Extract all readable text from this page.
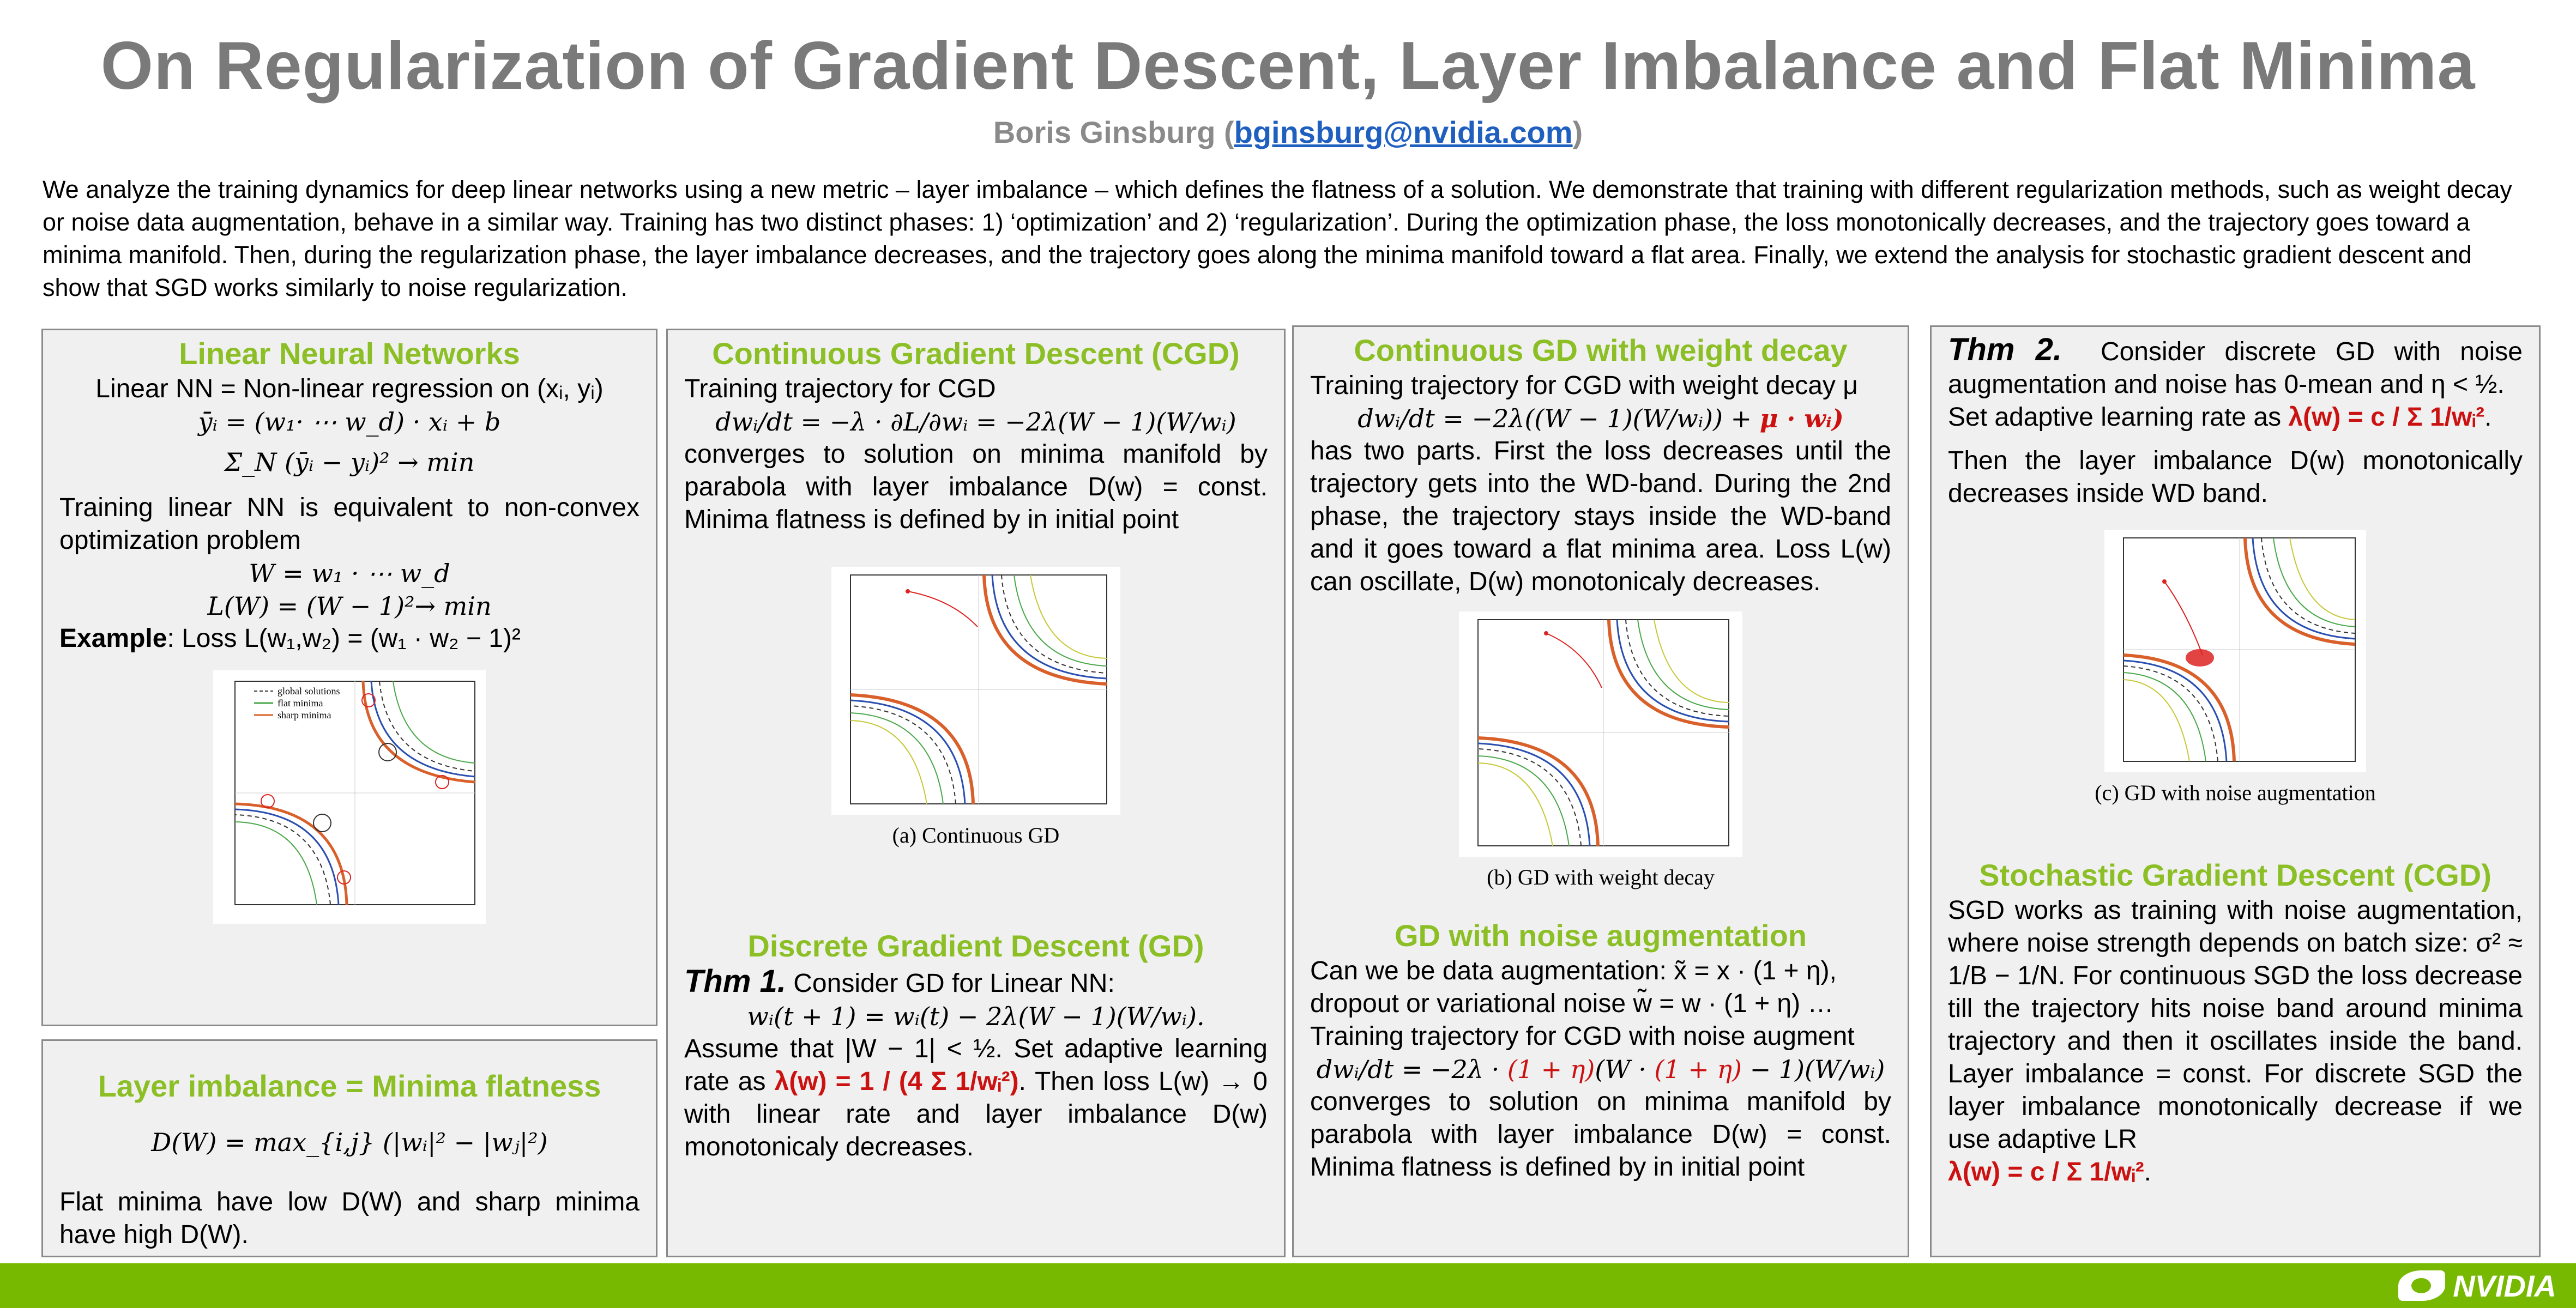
On Regularization of Gradient Descent, Layer Imbalance and Flat Minima
Boris Ginsburg (bginsburg@nvidia.com)
We analyze the training dynamics for deep linear networks using a new metric – layer imbalance – which defines the flatness of a solution. We demonstrate that training with different regularization methods, such as weight decay or noise data augmentation, behave in a similar way. Training has two distinct phases: 1) ‘optimization’ and 2) ‘regularization’. During the optimization phase, the loss monotonically decreases, and the trajectory goes toward a minima manifold. Then, during the regularization phase, the layer imbalance decreases, and the trajectory goes along the minima manifold toward a flat area. Finally, we extend the analysis for stochastic gradient descent and show that SGD works similarly to noise regularization.
Linear Neural Networks
Linear NN = Non-linear regression on (xᵢ, yᵢ)
ȳᵢ = (w₁· ⋯ w_d) · xᵢ + b
Σ_N (ȳᵢ − yᵢ)² → min
Training linear NN is equivalent to non-convex optimization problem
W = w₁ · ⋯ w_d
L(W) = (W − 1)²→ min
Example: Loss L(w₁,w₂) = (w₁ · w₂ − 1)²
global solutions
flat minima
sharp minima
Layer imbalance = Minima flatness
D(W) = max_{i,j} (|wᵢ|² − |wⱼ|²)
Flat minima have low D(W) and sharp minima have high D(W).
Continuous Gradient Descent (CGD)
Training trajectory for CGD
dwᵢ/dt = −λ · ∂L/∂wᵢ = −2λ(W − 1)(W/wᵢ)
converges to solution on minima manifold by parabola with layer imbalance D(w) = const. Minima flatness is defined by in initial point
(a) Continuous GD
Discrete Gradient Descent (GD)
Thm 1. Consider GD for Linear NN:
wᵢ(t + 1) = wᵢ(t) − 2λ(W − 1)(W/wᵢ).
Assume that |W − 1| < ½. Set adaptive learning rate as λ(w) = 1 / (4 Σ 1/wᵢ²). Then loss L(w) → 0 with linear rate and layer imbalance D(w) monotonicaly decreases.
Continuous GD with weight decay
Training trajectory for CGD with weight decay μ
dwᵢ/dt = −2λ((W − 1)(W/wᵢ)) + μ · wᵢ)
has two parts. First the loss decreases until the trajectory gets into the WD-band. During the 2nd phase, the trajectory stays inside the WD-band and it goes toward a flat minima area. Loss L(w) can oscillate, D(w) monotonicaly decreases.
(b) GD with weight decay
GD with noise augmentation
Can we be data augmentation: x̃ = x · (1 + η),
dropout or variational noise w̃ = w · (1 + η) …
Training trajectory for CGD with noise augment
dwᵢ/dt = −2λ · (1 + η)(W · (1 + η) − 1)(W/wᵢ)
converges to solution on minima manifold by parabola with layer imbalance D(w) = const. Minima flatness is defined by in initial point
Thm 2. Consider discrete GD with noise augmentation and noise has 0-mean and η < ½.
Set adaptive learning rate as λ(w) = c / Σ 1/wᵢ².
Then the layer imbalance D(w) monotonically decreases inside WD band.
(c) GD with noise augmentation
Stochastic Gradient Descent (CGD)
SGD works as training with noise augmentation, where noise strength depends on batch size: σ² ≈ 1/B − 1/N. For continuous SGD the loss decrease till the trajectory hits noise band around minima trajectory and then it oscillates inside the band. Layer imbalance = const. For discrete SGD the layer imbalance monotonically decrease if we use adaptive LR
λ(w) = c / Σ 1/wᵢ².
NVIDIA
